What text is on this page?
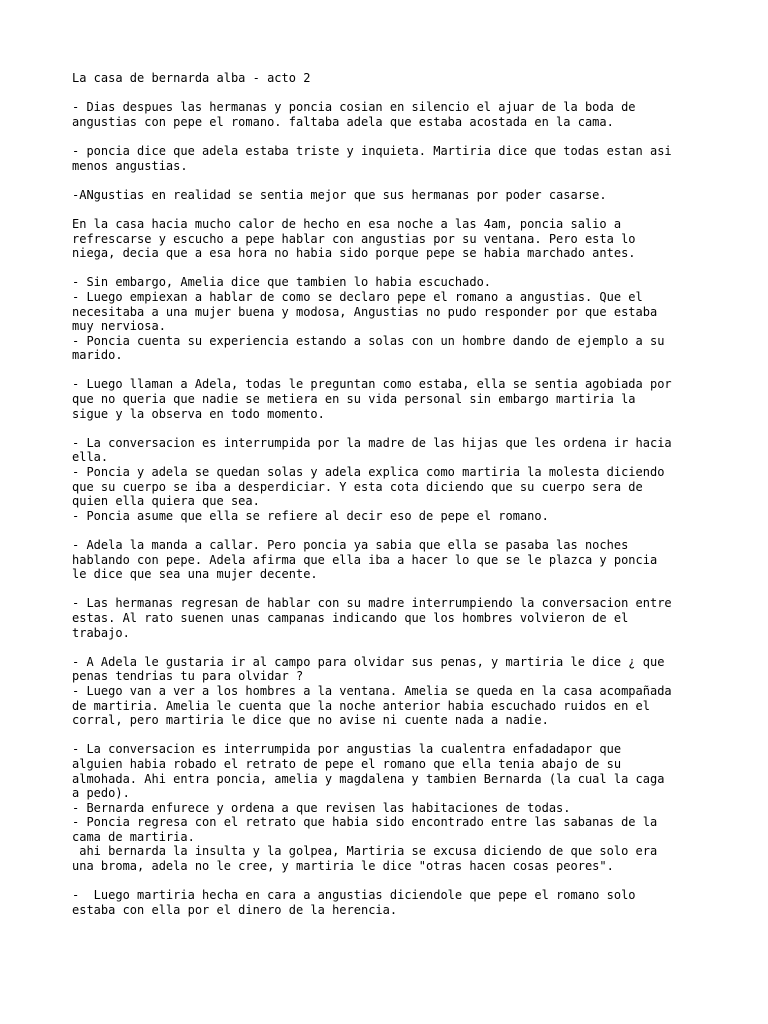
La casa de bernarda alba - acto 2

- Dias despues las hermanas y poncia cosian en silencio el ajuar de la boda de
angustias con pepe el romano. faltaba adela que estaba acostada en la cama.

- poncia dice que adela estaba triste y inquieta. Martiria dice que todas estan asi
menos angustias.

-ANgustias en realidad se sentia mejor que sus hermanas por poder casarse.

En la casa hacia mucho calor de hecho en esa noche a las 4am, poncia salio a
refrescarse y escucho a pepe hablar con angustias por su ventana. Pero esta lo
niega, decia que a esa hora no habia sido porque pepe se habia marchado antes.

- Sin embargo, Amelia dice que tambien lo habia escuchado.
- Luego empiexan a hablar de como se declaro pepe el romano a angustias. Que el
necesitaba a una mujer buena y modosa, Angustias no pudo responder por que estaba
muy nerviosa.
- Poncia cuenta su experiencia estando a solas con un hombre dando de ejemplo a su
marido.

- Luego llaman a Adela, todas le preguntan como estaba, ella se sentia agobiada por
que no queria que nadie se metiera en su vida personal sin embargo martiria la
sigue y la observa en todo momento.

- La conversacion es interrumpida por la madre de las hijas que les ordena ir hacia
ella.
- Poncia y adela se quedan solas y adela explica como martiria la molesta diciendo
que su cuerpo se iba a desperdiciar. Y esta cota diciendo que su cuerpo sera de
quien ella quiera que sea.
- Poncia asume que ella se refiere al decir eso de pepe el romano.

- Adela la manda a callar. Pero poncia ya sabia que ella se pasaba las noches
hablando con pepe. Adela afirma que ella iba a hacer lo que se le plazca y poncia
le dice que sea una mujer decente.

- Las hermanas regresan de hablar con su madre interrumpiendo la conversacion entre
estas. Al rato suenen unas campanas indicando que los hombres volvieron de el
trabajo.

- A Adela le gustaria ir al campo para olvidar sus penas, y martiria le dice ¿ que
penas tendrias tu para olvidar ?
- Luego van a ver a los hombres a la ventana. Amelia se queda en la casa acompañada
de martiria. Amelia le cuenta que la noche anterior habia escuchado ruidos en el
corral, pero martiria le dice que no avise ni cuente nada a nadie.

- La conversacion es interrumpida por angustias la cualentra enfadadapor que
alguien habia robado el retrato de pepe el romano que ella tenia abajo de su
almohada. Ahi entra poncia, amelia y magdalena y tambien Bernarda (la cual la caga
a pedo).
- Bernarda enfurece y ordena a que revisen las habitaciones de todas.
- Poncia regresa con el retrato que habia sido encontrado entre las sabanas de la
cama de martiria.
ahi bernarda la insulta y la golpea, Martiria se excusa diciendo de que solo era
una broma, adela no le cree, y martiria le dice "otras hacen cosas peores".

-  Luego martiria hecha en cara a angustias diciendole que pepe el romano solo
estaba con ella por el dinero de la herencia.
